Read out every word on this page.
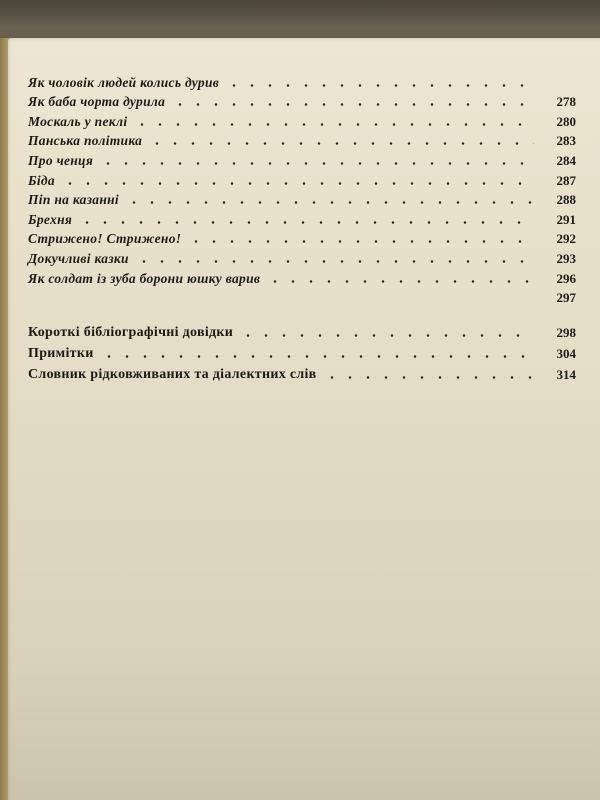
Як чоловік людей колись дурив
Як баба чорта дурила	278
Москаль у пеклі	280
Панська політика	283
Про ченця	284
Біда	287
Піп на казанні	288
Брехня	291
Стрижено! Стрижено!	292
Докучливі казки	293
Як солдат із зуба борони юшку варив	296
297
Короткі бібліографічні довідки	298
Примітки	304
Словник рідковживаних та діалектних слів	314
